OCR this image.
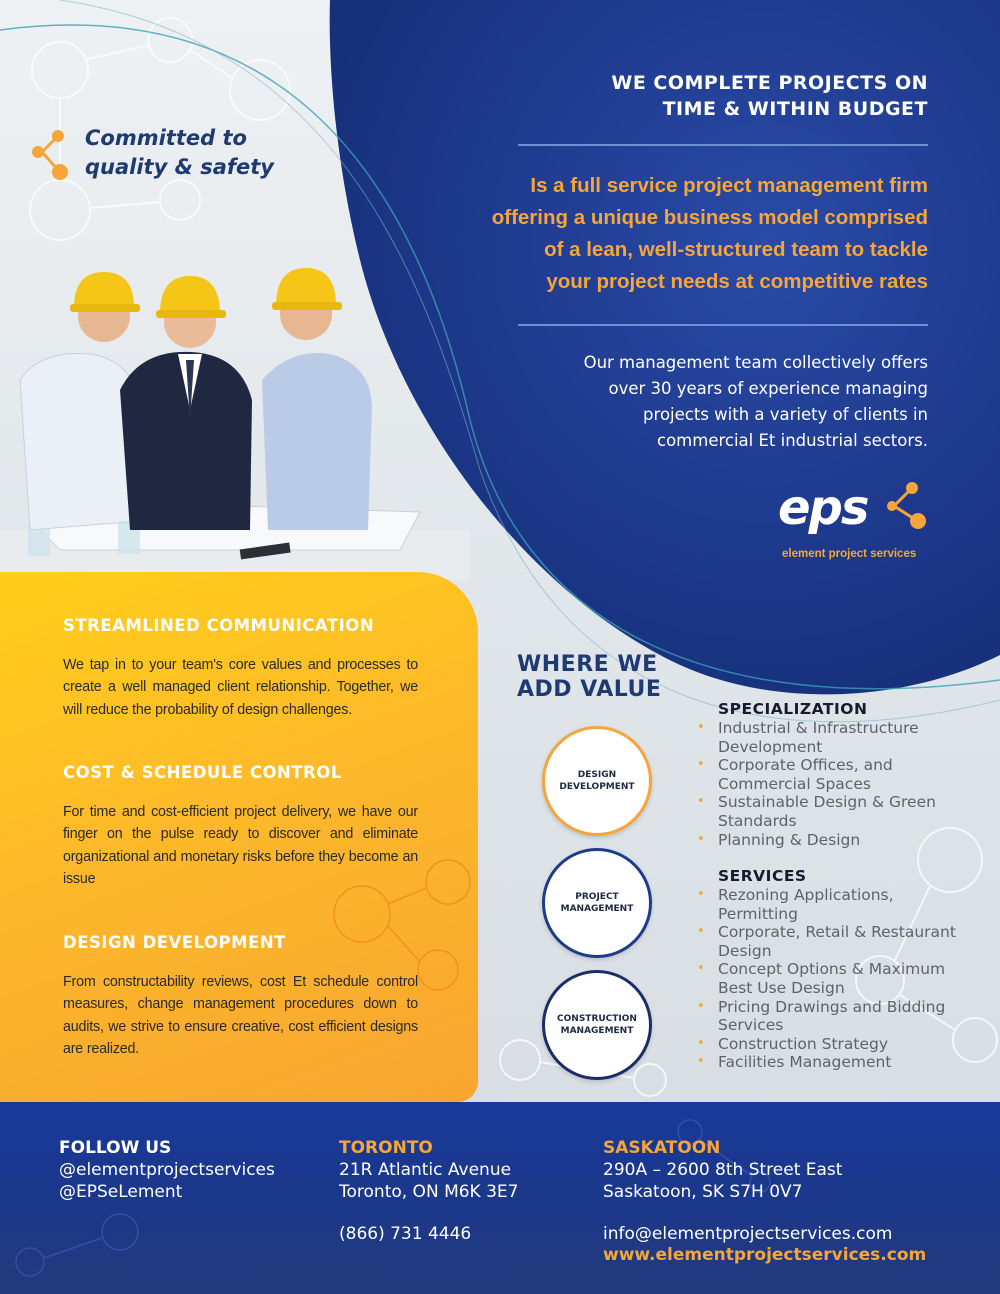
Committed to
quality & safety
WE COMPLETE PROJECTS ON
TIME & WITHIN BUDGET
Is a full service project management firm
offering a unique business model comprised
of a lean, well-structured team to tackle
your project needs at competitive rates
Our management team collectively offers
over 30 years of experience managing
projects with a variety of clients in
commercial Et industrial sectors.
eps
element project services
STREAMLINED COMMUNICATION
We tap in to your team's core values and processes to create a well managed client relationship. Together, we will reduce the probability of design challenges.
COST & SCHEDULE CONTROL
For time and cost-efficient project delivery, we have our finger on the pulse ready to discover and eliminate organizational and monetary risks before they become an issue
DESIGN DEVELOPMENT
From constructability reviews, cost Et schedule control measures, change management procedures down to audits, we strive to ensure creative, cost efficient designs are realized.
WHERE WE
ADD VALUE
DESIGN
DEVELOPMENT
PROJECT
MANAGEMENT
CONSTRUCTION
MANAGEMENT
SPECIALIZATION
• Industrial & Infrastructure Development
• Corporate Offices, and Commercial Spaces
• Sustainable Design & Green Standards
• Planning & Design
SERVICES
• Rezoning Applications, Permitting
• Corporate, Retail & Restaurant Design
• Concept Options & Maximum Best Use Design
• Pricing Drawings and Bidding Services
• Construction Strategy
• Facilities Management
FOLLOW US
@elementprojectservices
@EPSeLement
TORONTO
21R Atlantic Avenue
Toronto, ON M6K 3E7
(866) 731 4446
SASKATOON
290A – 2600 8th Street East
Saskatoon, SK S7H 0V7
info@elementprojectservices.com
www.elementprojectservices.com
